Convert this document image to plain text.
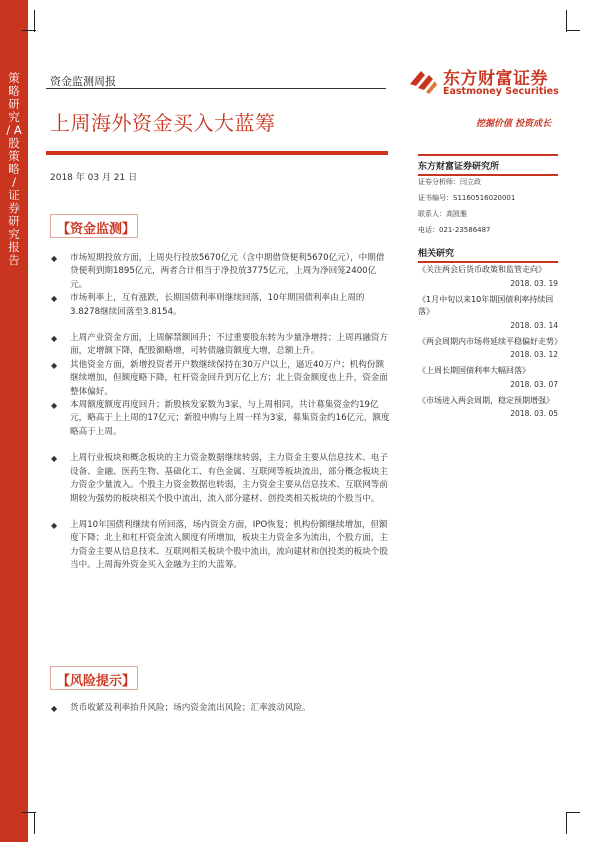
策略研究 / A股策略 / 证券研究报告
资金监测周报
上周海外资金买入大蓝筹
2018 年 03 月 21 日
东方财富证券
Eastmoney Securities
挖掘价值 投资成长
【资金监测】
◆ 市场短期投放方面，上周央行投放5670亿元（含中期借贷便利5670亿元），中期借贷便利到期1895亿元，两者合计相当于净投放3775亿元，上周为净回笼2400亿元。
◆ 市场利率上，互有涨跌，长期国债利率则继续回落，10年期国债利率由上周的3.8278继续回落至3.8154。
◆ 上周产业资金方面，上周解禁额回升；不过重要股东转为少量净增持；上周再融资方面，定增额下降，配股额略增，可转债融资额度大增，总额上升。
◆ 其他资金方面，新增投资者开户数继续保持在30万户以上，逼近40万户；机构份额继续增加，但额度略下降，杠杆资金回升到万亿上方；北上资金额度也上升，资金面整体偏好。
◆ 本周额度额度再度回升；新股核发家数为3家，与上周相同，共计募集资金约19亿元，略高于上上周的17亿元；新股申购与上周一样为3家，募集资金约16亿元，额度略高于上周。
◆ 上周行业板块和概念板块的主力资金数据继续转弱，主力资金主要从信息技术、电子设备、金融、医药生物、基础化工、有色金属、互联网等板块流出，部分概念板块主力资金少量流入。个股主力资金数据也转弱，主力资金主要从信息技术、互联网等前期较为强势的板块相关个股中流出，流入部分建材、创投类相关板块的个股当中。
◆ 上周10年国债利继续有所回落，场内资金方面，IPO恢复；机构份额继续增加，但额度下降；北上和杠杆资金流入额度有所增加，板块主力资金多为流出，个股方面，主力资金主要从信息技术、互联网相关板块个股中流出，流向建材和创投类的板块个股当中。上周海外资金买入金融为主的大蓝筹。
【风险提示】
◆ 货币收紧及利率抬升风险；场内资金流出风险；汇率波动风险。
东方财富证券研究所
证券分析师：闫立政
证书编号：S1160516020001
联系人：高凯雅
电话：021-23586487
相关研究
《关注两会后货币政策和监管走向》
2018. 03. 19
《1月中旬以来10年期国债利率持续回落》
2018. 03. 14
《两会周期内市场将延续平稳偏好走势》
2018. 03. 12
《上周长期国债利率大幅回落》
2018. 03. 07
《市场进入两会周期，稳定预期增强》
2018. 03. 05
